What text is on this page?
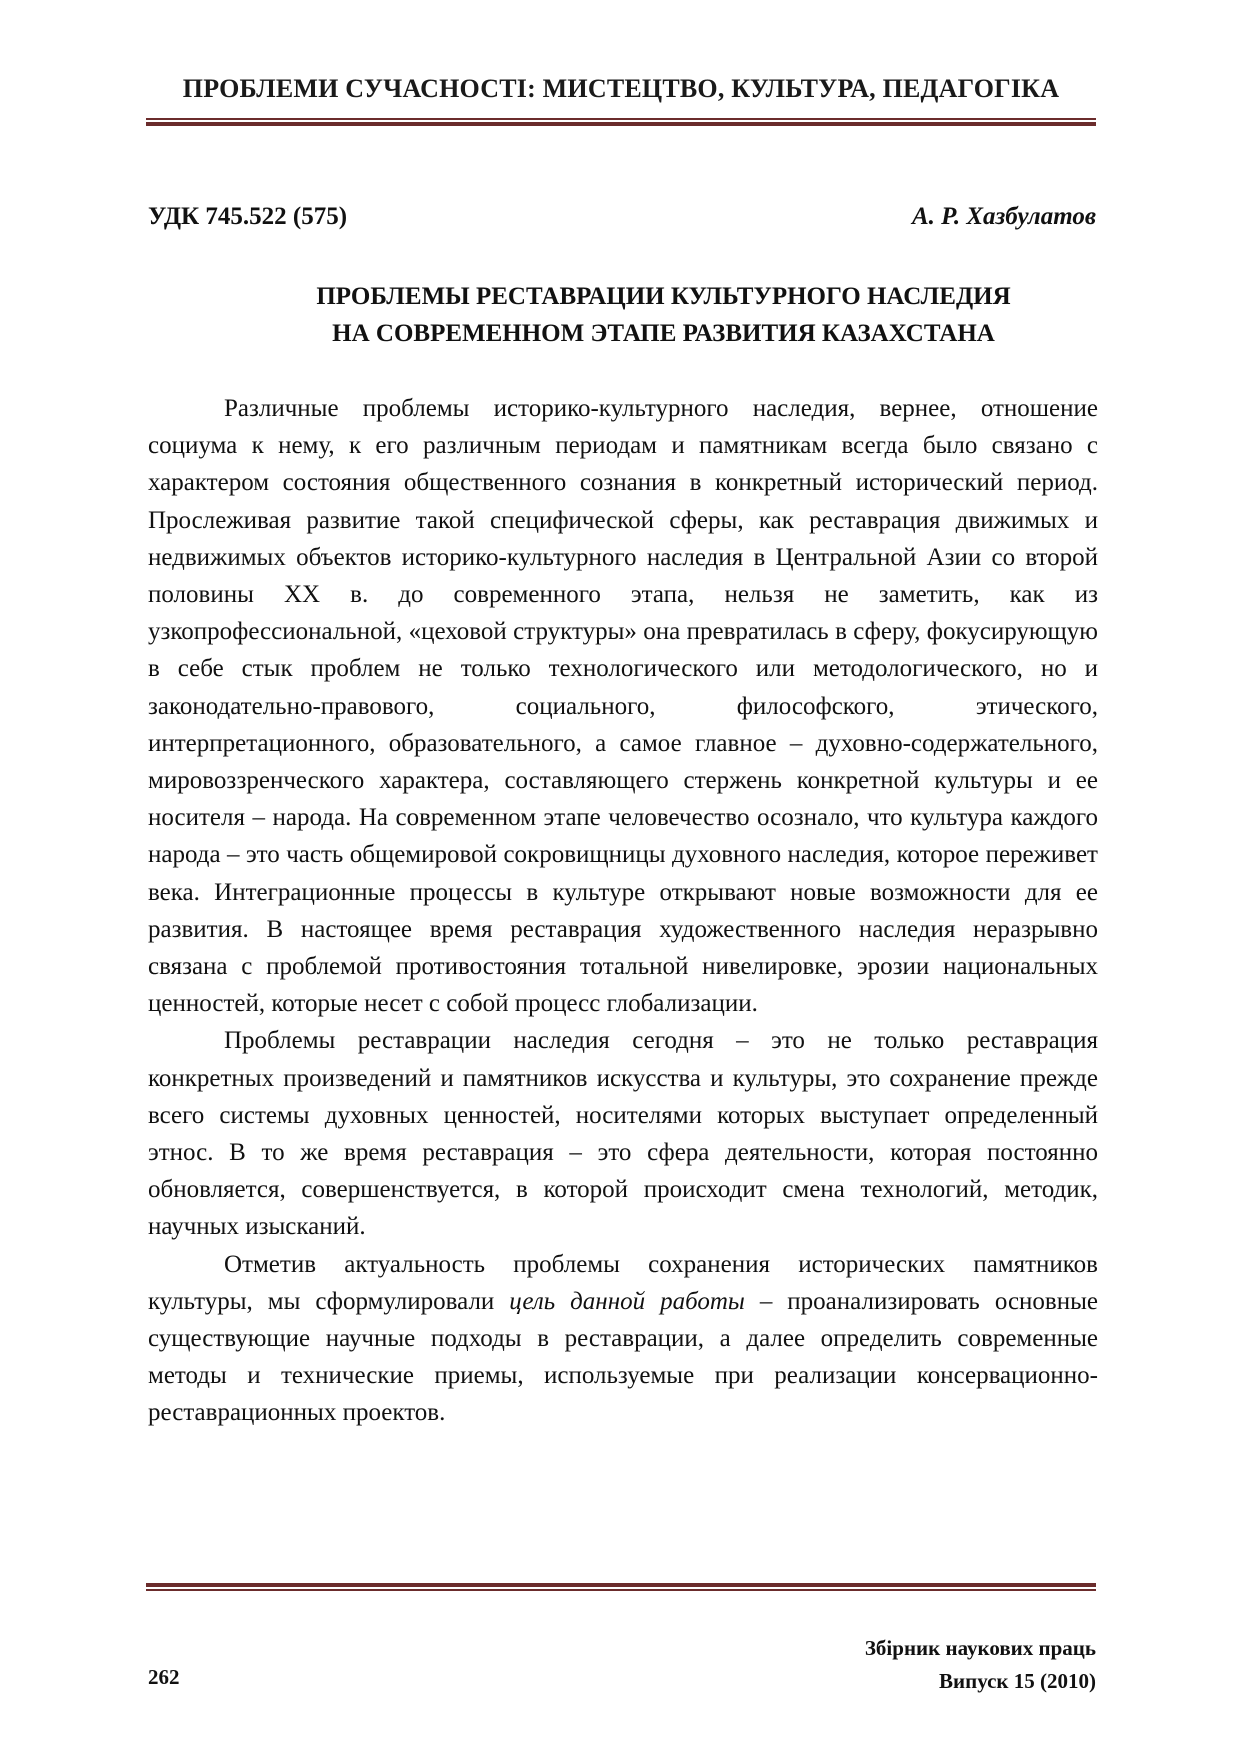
ПРОБЛЕМИ СУЧАСНОСТІ: МИСТЕЦТВО, КУЛЬТУРА, ПЕДАГОГІКА
УДК 745.522 (575)	А. Р. Хазбулатов
ПРОБЛЕМЫ РЕСТАВРАЦИИ КУЛЬТУРНОГО НАСЛЕДИЯ
НА СОВРЕМЕННОМ ЭТАПЕ РАЗВИТИЯ КАЗАХСТАНА

Различные проблемы историко-культурного наследия, вернее, отношение социума к нему, к его различным периодам и памятникам всегда было связано с характером состояния общественного сознания в конкретный исторический период. Прослеживая развитие такой специфической сферы, как реставрация движимых и недвижимых объектов историко-культурного наследия в Центральной Азии со второй половины XX в. до современного этапа, нельзя не заметить, как из узкопрофессиональной, «цеховой структуры» она превратилась в сферу, фокусирующую в себе стык проблем не только технологического или методологического, но и законодательно-правового, социального, философского, этического, интерпретационного, образовательного, а самое главное – духовно-содержательного, мировоззренческого характера, составляющего стержень конкретной культуры и ее носителя – народа. На современном этапе человечество осознало, что культура каждого народа – это часть общемировой сокровищницы духовного наследия, которое переживет века. Интеграционные процессы в культуре открывают новые возможности для ее развития. В настоящее время реставрация художественного наследия неразрывно связана с проблемой противостояния тотальной нивелировке, эрозии национальных ценностей, которые несет с собой процесс глобализации.

Проблемы реставрации наследия сегодня – это не только реставрация конкретных произведений и памятников искусства и культуры, это сохранение прежде всего системы духовных ценностей, носителями которых выступает определенный этнос. В то же время реставрация – это сфера деятельности, которая постоянно обновляется, совершенствуется, в которой происходит смена технологий, методик, научных изысканий.

Отметив актуальность проблемы сохранения исторических памятников культуры, мы сформулировали цель данной работы – проанализировать основные существующие научные подходы в реставрации, а далее определить современные методы и технические приемы, используемые при реализации консервационно-реставрационных проектов.

Збірник наукових праць
Випуск 15 (2010)
262
